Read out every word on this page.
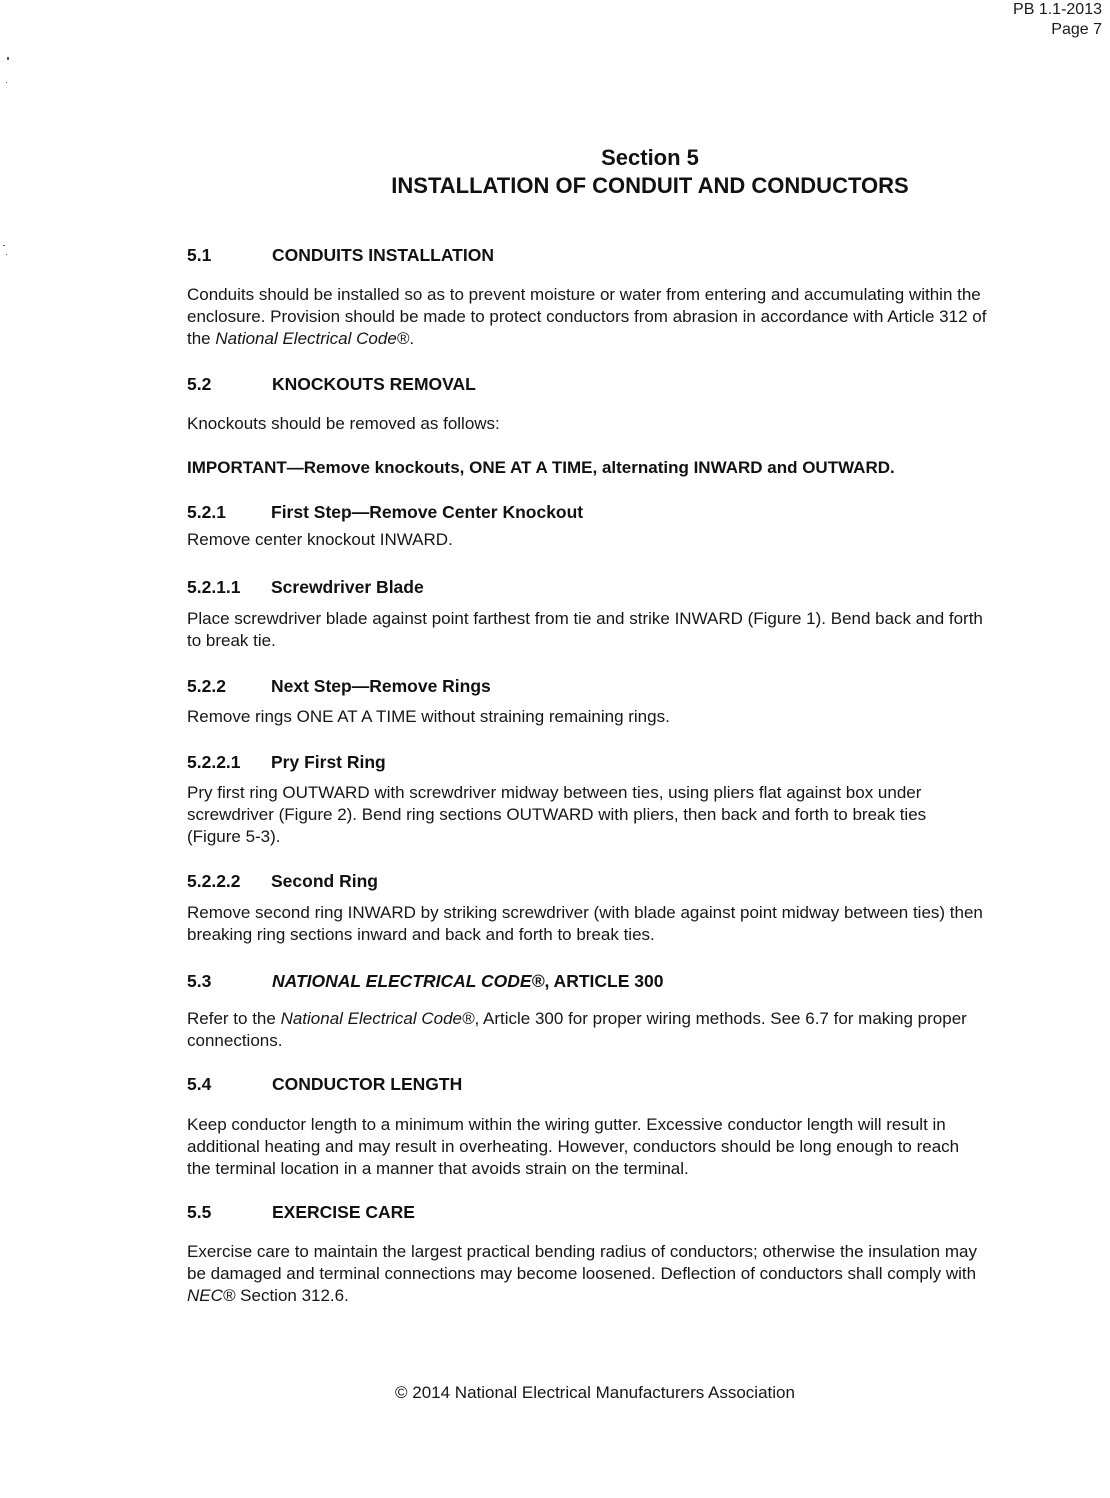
PB 1.1-2013
Page 7
Section 5
INSTALLATION OF CONDUIT AND CONDUCTORS
5.1	CONDUITS INSTALLATION
Conduits should be installed so as to prevent moisture or water from entering and accumulating within the
enclosure. Provision should be made to protect conductors from abrasion in accordance with Article 312 of
the National Electrical Code®.
5.2	KNOCKOUTS REMOVAL
Knockouts should be removed as follows:
IMPORTANT—Remove knockouts, ONE AT A TIME, alternating INWARD and OUTWARD.
5.2.1	First Step—Remove Center Knockout
Remove center knockout INWARD.
5.2.1.1 Screwdriver Blade
Place screwdriver blade against point farthest from tie and strike INWARD (Figure 1). Bend back and forth
to break tie.
5.2.2	Next Step—Remove Rings
Remove rings ONE AT A TIME without straining remaining rings.
5.2.2.1 Pry First Ring
Pry first ring OUTWARD with screwdriver midway between ties, using pliers flat against box under
screwdriver (Figure 2). Bend ring sections OUTWARD with pliers, then back and forth to break ties
(Figure 5-3).
5.2.2.2 Second Ring
Remove second ring INWARD by striking screwdriver (with blade against point midway between ties) then
breaking ring sections inward and back and forth to break ties.
5.3	NATIONAL ELECTRICAL CODE®, ARTICLE 300
Refer to the National Electrical Code®, Article 300 for proper wiring methods. See 6.7 for making proper
connections.
5.4	CONDUCTOR LENGTH
Keep conductor length to a minimum within the wiring gutter. Excessive conductor length will result in
additional heating and may result in overheating. However, conductors should be long enough to reach
the terminal location in a manner that avoids strain on the terminal.
5.5	EXERCISE CARE
Exercise care to maintain the largest practical bending radius of conductors; otherwise the insulation may
be damaged and terminal connections may become loosened. Deflection of conductors shall comply with
NEC® Section 312.6.
© 2014 National Electrical Manufacturers Association
